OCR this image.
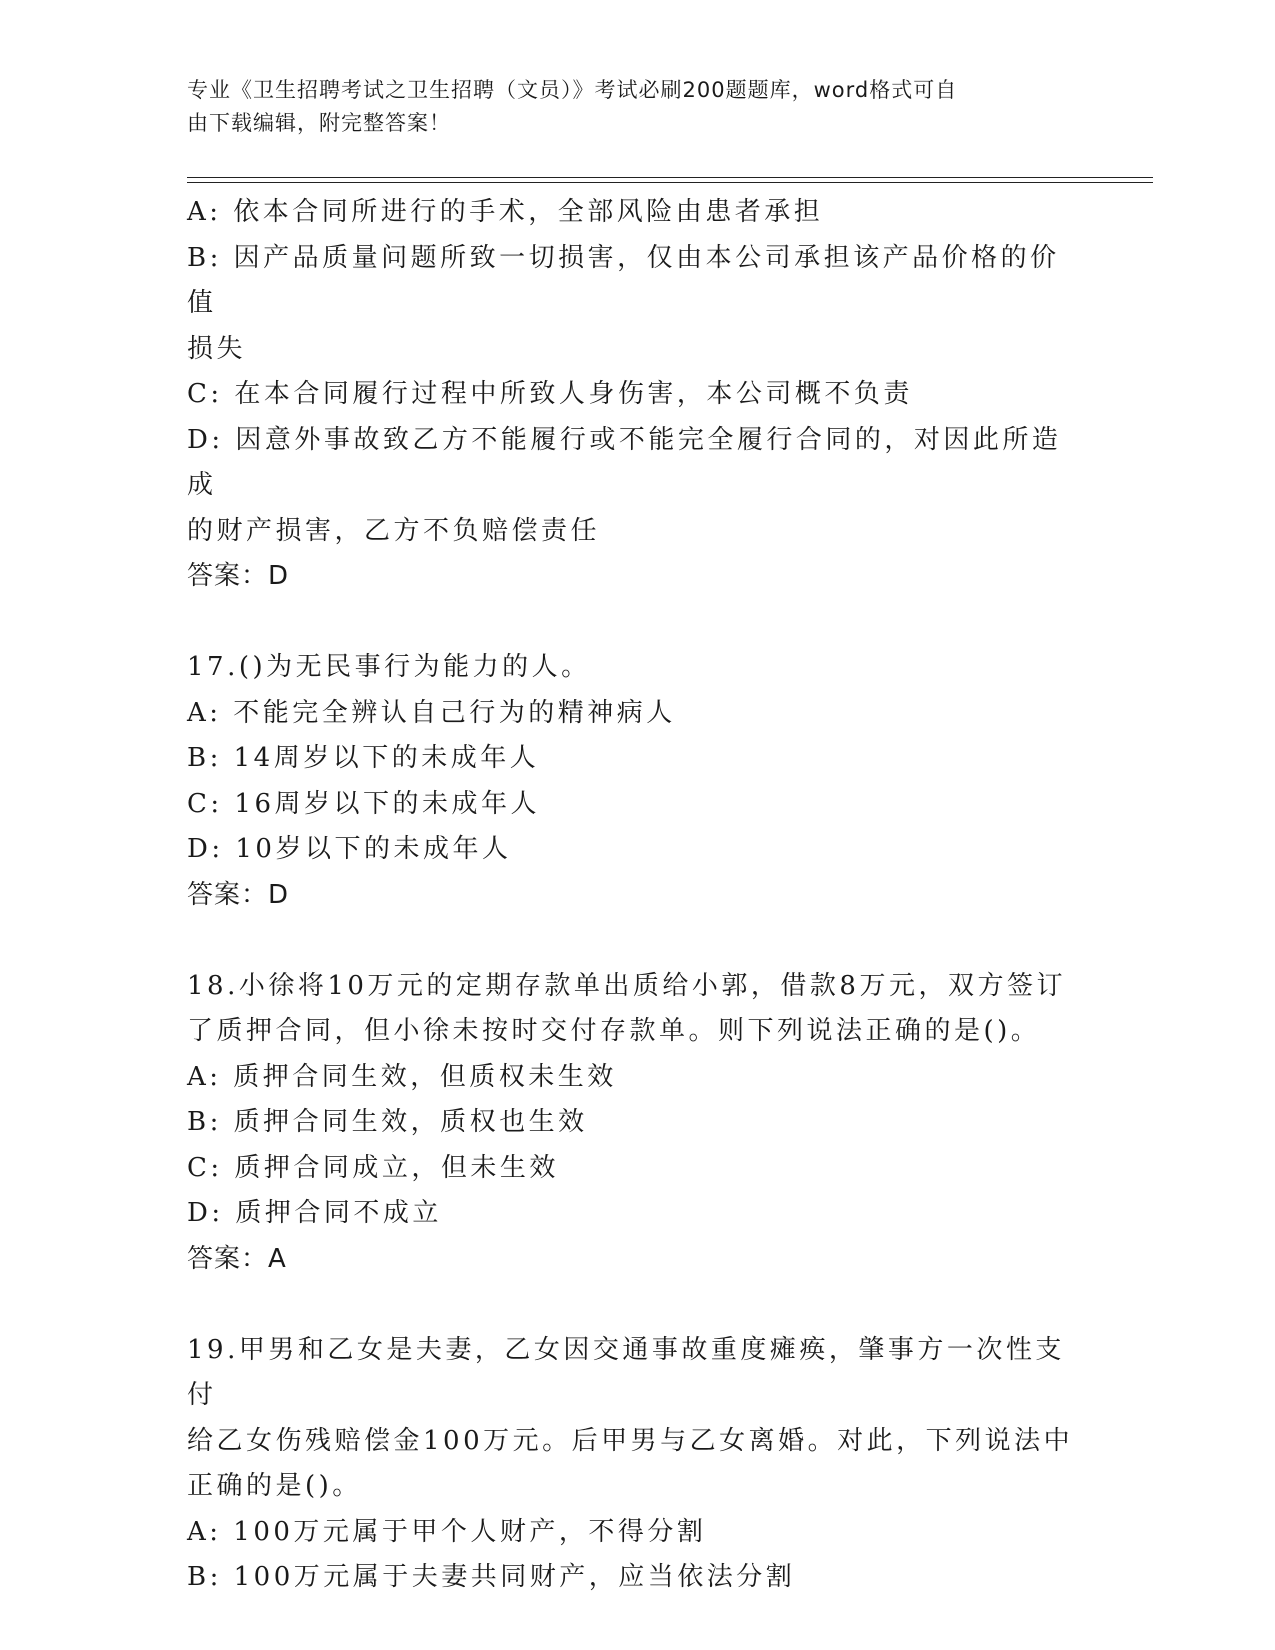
专业《卫生招聘考试之卫生招聘（文员）》考试必刷200题题库，word格式可自
由下载编辑，附完整答案！
A: 依本合同所进行的手术，全部风险由患者承担
B: 因产品质量问题所致一切损害，仅由本公司承担该产品价格的价值
损失
C: 在本合同履行过程中所致人身伤害，本公司概不负责
D: 因意外事故致乙方不能履行或不能完全履行合同的，对因此所造成
的财产损害，乙方不负赔偿责任
答案：D
17.()为无民事行为能力的人。
A: 不能完全辨认自己行为的精神病人
B: 14周岁以下的未成年人
C: 16周岁以下的未成年人
D: 10岁以下的未成年人
答案：D
18.小徐将10万元的定期存款单出质给小郭，借款8万元，双方签订
了质押合同，但小徐未按时交付存款单。则下列说法正确的是()。
A: 质押合同生效，但质权未生效
B: 质押合同生效，质权也生效
C: 质押合同成立，但未生效
D: 质押合同不成立
答案：A
19.甲男和乙女是夫妻，乙女因交通事故重度瘫痪，肇事方一次性支付
给乙女伤残赔偿金100万元。后甲男与乙女离婚。对此，下列说法中
正确的是()。
A: 100万元属于甲个人财产，不得分割
B: 100万元属于夫妻共同财产，应当依法分割
